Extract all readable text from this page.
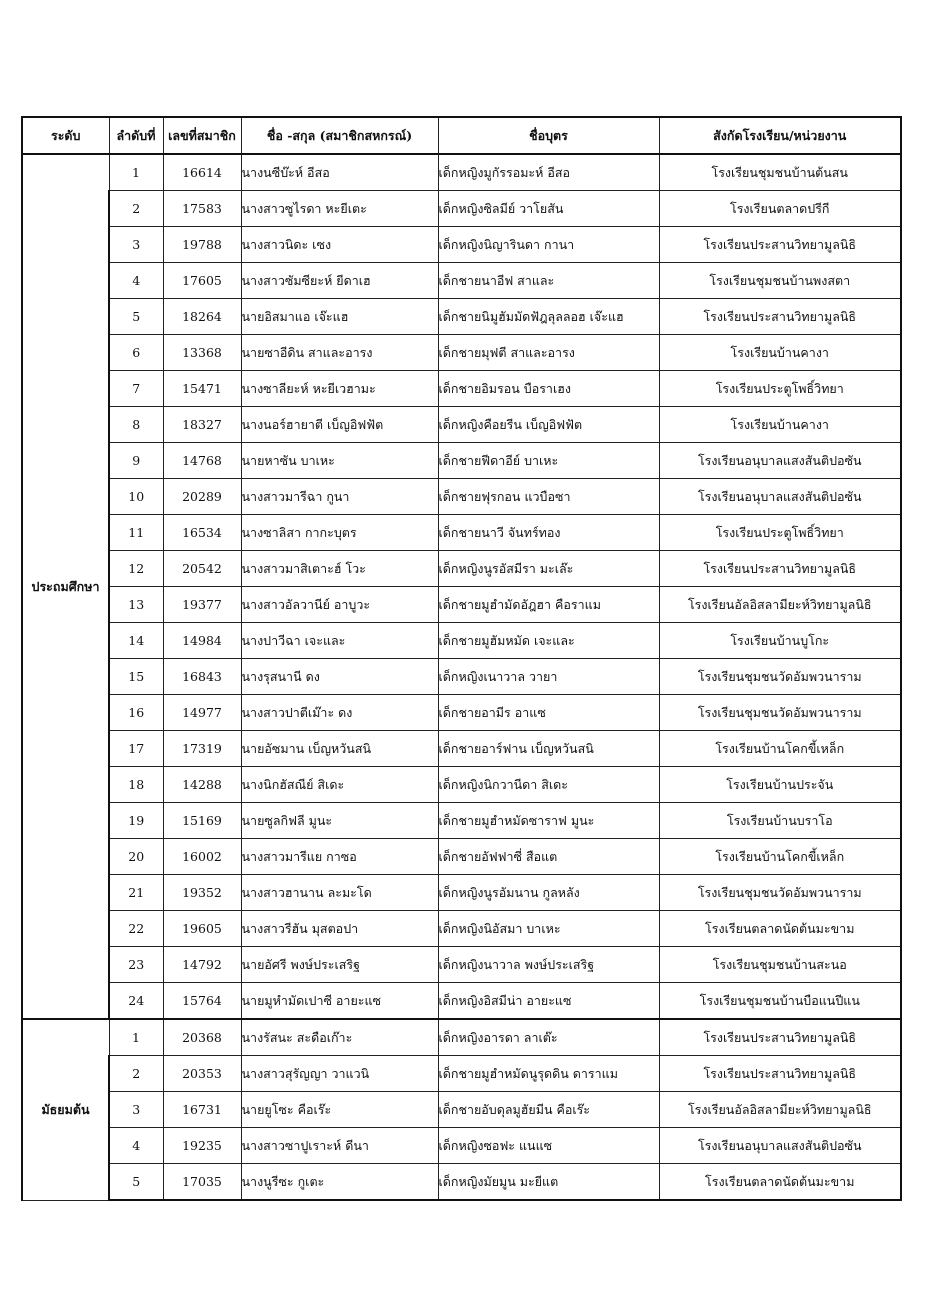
ระดับ	ลำดับที่	เลขที่สมาชิก	ชื่อ -สกุล (สมาชิกสหกรณ์)	ชื่อบุตร	สังกัดโรงเรียน/หน่วยงาน
ประถมศึกษา	1	16614	นางนซีบ๊ะห์ อีสอ	เด็กหญิงมูกัรรอมะห์ อีสอ	โรงเรียนชุมชนบ้านต้นสน
	2	17583	นางสาวซูไรดา หะยีเตะ	เด็กหญิงซิลมีย์ วาโยสัน	โรงเรียนตลาดปรีกี
	3	19788	นางสาวนิดะ เซง	เด็กหญิงนิญารินดา กานา	โรงเรียนประสานวิทยามูลนิธิ
	4	17605	นางสาวซัมซียะห์ ยีดาเฮ	เด็กชายนาอีฟ สาและ	โรงเรียนชุมชนบ้านพงสตา
	5	18264	นายอิสมาแอ เจ๊ะแฮ	เด็กชายนิมูฮัมมัดฟัฎลุลลอฮ เจ๊ะแฮ	โรงเรียนประสานวิทยามูลนิธิ
	6	13368	นายซาอีดิน สาและอารง	เด็กชายมุฟตี สาและอารง	โรงเรียนบ้านคางา
	7	15471	นางซาลียะห์ หะยีเวฮามะ	เด็กชายอิมรอน บือราเฮง	โรงเรียนประตูโพธิ์วิทยา
	8	18327	นางนอร์ฮายาตี เบ็ญอิฟฟัต	เด็กหญิงคือยรีน เบ็ญอิฟฟัต	โรงเรียนบ้านคางา
	9	14768	นายหาซัน บาเหะ	เด็กชายฟีดาอีย์ บาเหะ	โรงเรียนอนุบาลแสงสันติปอซัน
	10	20289	นางสาวมารีฉา กูนา	เด็กชายฟุรกอน แวบือซา	โรงเรียนอนุบาลแสงสันติปอซัน
	11	16534	นางซาลิสา กากะบุตร	เด็กชายนาวี จันทร์ทอง	โรงเรียนประตูโพธิ์วิทยา
	12	20542	นางสาวมาสิเตาะฮ์ โวะ	เด็กหญิงนูรอัสมีรา มะเล๊ะ	โรงเรียนประสานวิทยามูลนิธิ
	13	19377	นางสาวอัลวานีย์ อาบูวะ	เด็กชายมูฮำมัดอัฎฮา คือราแม	โรงเรียนอัลอิสลามียะห์วิทยามูลนิธิ
	14	14984	นางปาวีฉา เจะและ	เด็กชายมูฮัมหมัด เจะและ	โรงเรียนบ้านบูโกะ
	15	16843	นางรุสนานี ดง	เด็กหญิงเนาวาล วายา	โรงเรียนชุมชนวัดอัมพวนาราม
	16	14977	นางสาวปาตีเม๊าะ ดง	เด็กชายอามีร อาแซ	โรงเรียนชุมชนวัดอัมพวนาราม
	17	17319	นายอัซมาน เบ็ญหวันสนิ	เด็กชายอาร์ฟาน เบ็ญหวันสนิ	โรงเรียนบ้านโคกขี้เหล็ก
	18	14288	นางนิกฮัสณีย์ สิเดะ	เด็กหญิงนิกวานีดา สิเดะ	โรงเรียนบ้านประจัน
	19	15169	นายซูลกิฟลี มูนะ	เด็กชายมูฮำหมัดซาราฟ มูนะ	โรงเรียนบ้านบราโอ
	20	16002	นางสาวมารีแย กาซอ	เด็กชายอัฟฟาซี่ สือแต	โรงเรียนบ้านโคกขี้เหล็ก
	21	19352	นางสาวฮานาน ละมะโด	เด็กหญิงนูรอัมนาน กูลหลัง	โรงเรียนชุมชนวัดอัมพวนาราม
	22	19605	นางสาวรีฮัน มุสตอปา	เด็กหญิงนิอัสมา บาเหะ	โรงเรียนตลาดนัดต้นมะขาม
	23	14792	นายอัศรี พงษ์ประเสริฐ	เด็กหญิงนาวาล พงษ์ประเสริฐ	โรงเรียนชุมชนบ้านสะนอ
	24	15764	นายมูหำมัดเปาซี อายะแซ	เด็กหญิงอิสมีน่า อายะแซ	โรงเรียนชุมชนบ้านบือแนปีแน
มัธยมต้น	1	20368	นางรัสนะ สะดือเก๊าะ	เด็กหญิงอารดา ลาเต๊ะ	โรงเรียนประสานวิทยามูลนิธิ
	2	20353	นางสาวสุรัญญา วาแวนิ	เด็กชายมูฮำหมัดนูรุดดิน ดาราแม	โรงเรียนประสานวิทยามูลนิธิ
	3	16731	นายยูโซะ คือเร๊ะ	เด็กชายอับดุลมูฮัยมีน คือเร๊ะ	โรงเรียนอัลอิสลามียะห์วิทยามูลนิธิ
	4	19235	นางสาวซาปูเราะห์ ดีนา	เด็กหญิงซอฟะ แนแซ	โรงเรียนอนุบาลแสงสันติปอซัน
	5	17035	นางนูรีซะ กูเตะ	เด็กหญิงมัยมูน มะยีแต	โรงเรียนตลาดนัดต้นมะขาม
